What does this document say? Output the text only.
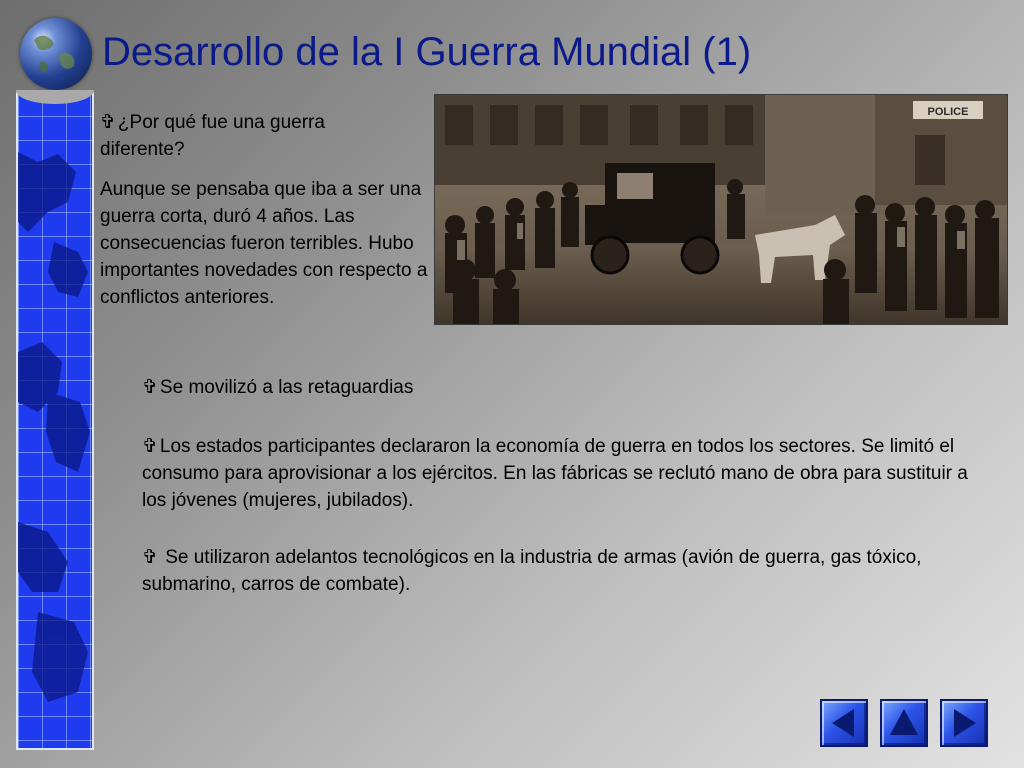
Desarrollo de la I Guerra Mundial (1)
POLICE
✞ ¿Por qué fue una guerra diferente?
Aunque se pensaba que iba a ser una guerra corta, duró 4 años. Las consecuencias fueron terribles. Hubo importantes novedades con respecto a conflictos anteriores.
✞ Se movilizó a las retaguardias
✞ Los estados participantes declararon la economía de guerra en todos los sectores. Se limitó el consumo para aprovisionar a los ejércitos. En las fábricas se reclutó mano de obra para sustituir a los jóvenes (mujeres, jubilados).
✞ Se utilizaron adelantos tecnológicos en la industria de armas (avión de guerra, gas tóxico, submarino, carros de combate).
